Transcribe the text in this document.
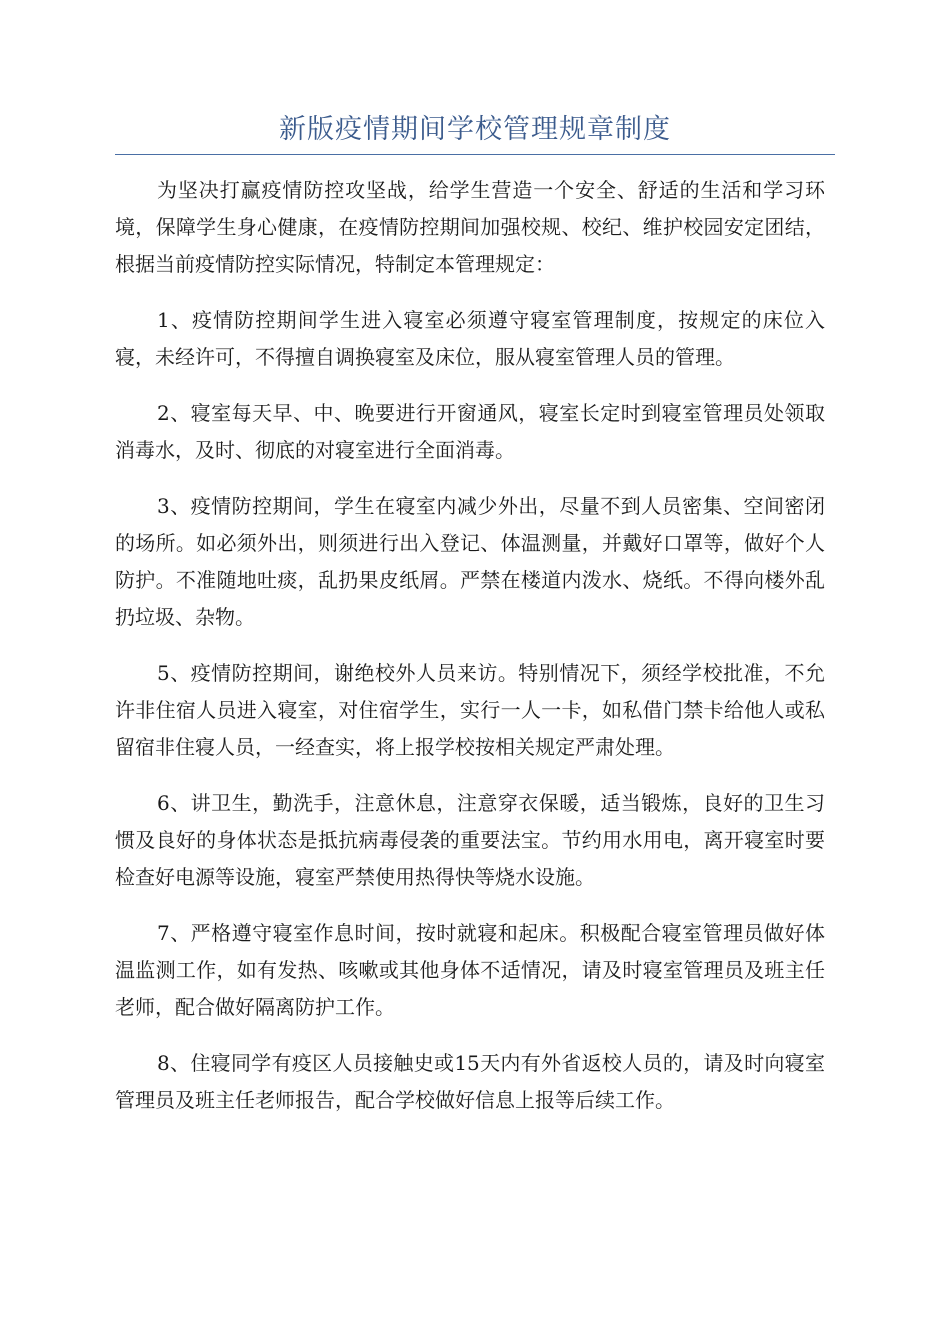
新版疫情期间学校管理规章制度

为坚决打赢疫情防控攻坚战，给学生营造一个安全、舒适的生活和学习环境，保障学生身心健康，在疫情防控期间加强校规、校纪、维护校园安定团结，根据当前疫情防控实际情况，特制定本管理规定：

1、疫情防控期间学生进入寝室必须遵守寝室管理制度，按规定的床位入寝，未经许可，不得擅自调换寝室及床位，服从寝室管理人员的管理。

2、寝室每天早、中、晚要进行开窗通风，寝室长定时到寝室管理员处领取消毒水，及时、彻底的对寝室进行全面消毒。

3、疫情防控期间，学生在寝室内减少外出，尽量不到人员密集、空间密闭的场所。如必须外出，则须进行出入登记、体温测量，并戴好口罩等，做好个人防护。不准随地吐痰，乱扔果皮纸屑。严禁在楼道内泼水、烧纸。不得向楼外乱扔垃圾、杂物。

5、疫情防控期间，谢绝校外人员来访。特别情况下，须经学校批准，不允许非住宿人员进入寝室，对住宿学生，实行一人一卡，如私借门禁卡给他人或私留宿非住寝人员，一经查实，将上报学校按相关规定严肃处理。

6、讲卫生，勤洗手，注意休息，注意穿衣保暖，适当锻炼，良好的卫生习惯及良好的身体状态是抵抗病毒侵袭的重要法宝。节约用水用电，离开寝室时要检查好电源等设施，寝室严禁使用热得快等烧水设施。

7、严格遵守寝室作息时间，按时就寝和起床。积极配合寝室管理员做好体温监测工作，如有发热、咳嗽或其他身体不适情况，请及时寝室管理员及班主任老师，配合做好隔离防护工作。

8、住寝同学有疫区人员接触史或15天内有外省返校人员的，请及时向寝室管理员及班主任老师报告，配合学校做好信息上报等后续工作。
